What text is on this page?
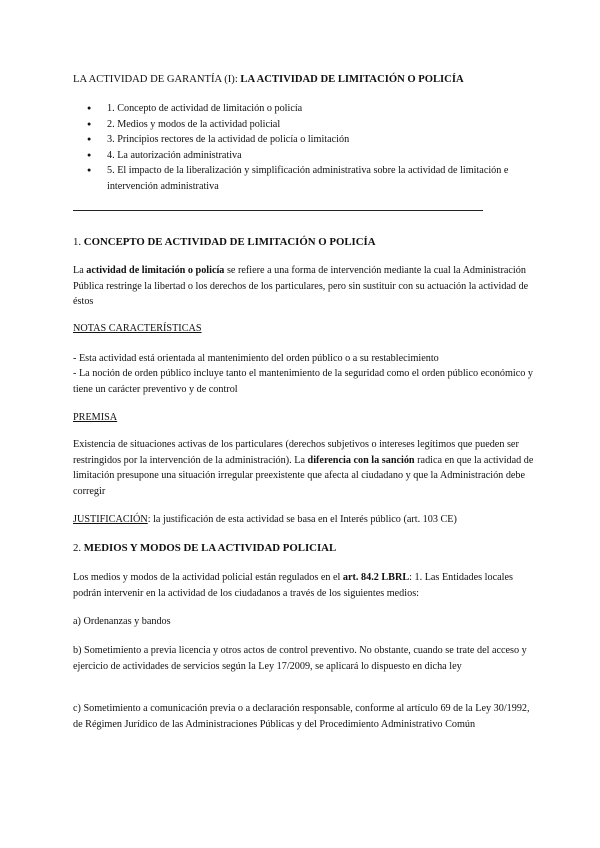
LA ACTIVIDAD DE GARANTÍA (I): LA ACTIVIDAD DE LIMITACIÓN O POLICÍA

● 1. Concepto de actividad de limitación o policía
● 2. Medios y modos de la actividad policial
● 3. Principios rectores de la actividad de policía o limitación
● 4. La autorización administrativa
● 5. El impacto de la liberalización y simplificación administrativa sobre la actividad de limitación e intervención administrativa

1. CONCEPTO DE ACTIVIDAD DE LIMITACIÓN O POLICÍA

La actividad de limitación o policía se refiere a una forma de intervención mediante la cual la Administración Pública restringe la libertad o los derechos de los particulares, pero sin sustituir con su actuación la actividad de éstos

NOTAS CARACTERÍSTICAS

- Esta actividad está orientada al mantenimiento del orden público o a su restablecimiento

- La noción de orden público incluye tanto el mantenimiento de la seguridad como el orden público económico y tiene un carácter preventivo y de control

PREMISA

Existencia de situaciones activas de los particulares (derechos subjetivos o intereses legítimos que pueden ser restringidos por la intervención de la administración). La diferencia con la sanción radica en que la actividad de limitación presupone una situación irregular preexistente que afecta al ciudadano y que la Administración debe corregir

JUSTIFICACIÓN: la justificación de esta actividad se basa en el Interés público (art. 103 CE)

2. MEDIOS Y MODOS DE LA ACTIVIDAD POLICIAL

Los medios y modos de la actividad policial están regulados en el art. 84.2 LBRL: 1. Las Entidades locales podrán intervenir en la actividad de los ciudadanos a través de los siguientes medios:

a) Ordenanzas y bandos

b) Sometimiento a previa licencia y otros actos de control preventivo. No obstante, cuando se trate del acceso y ejercicio de actividades de servicios según la Ley 17/2009, se aplicará lo dispuesto en dicha ley

c) Sometimiento a comunicación previa o a declaración responsable, conforme al artículo 69 de la Ley 30/1992, de Régimen Jurídico de las Administraciones Públicas y del Procedimiento Administrativo Común
